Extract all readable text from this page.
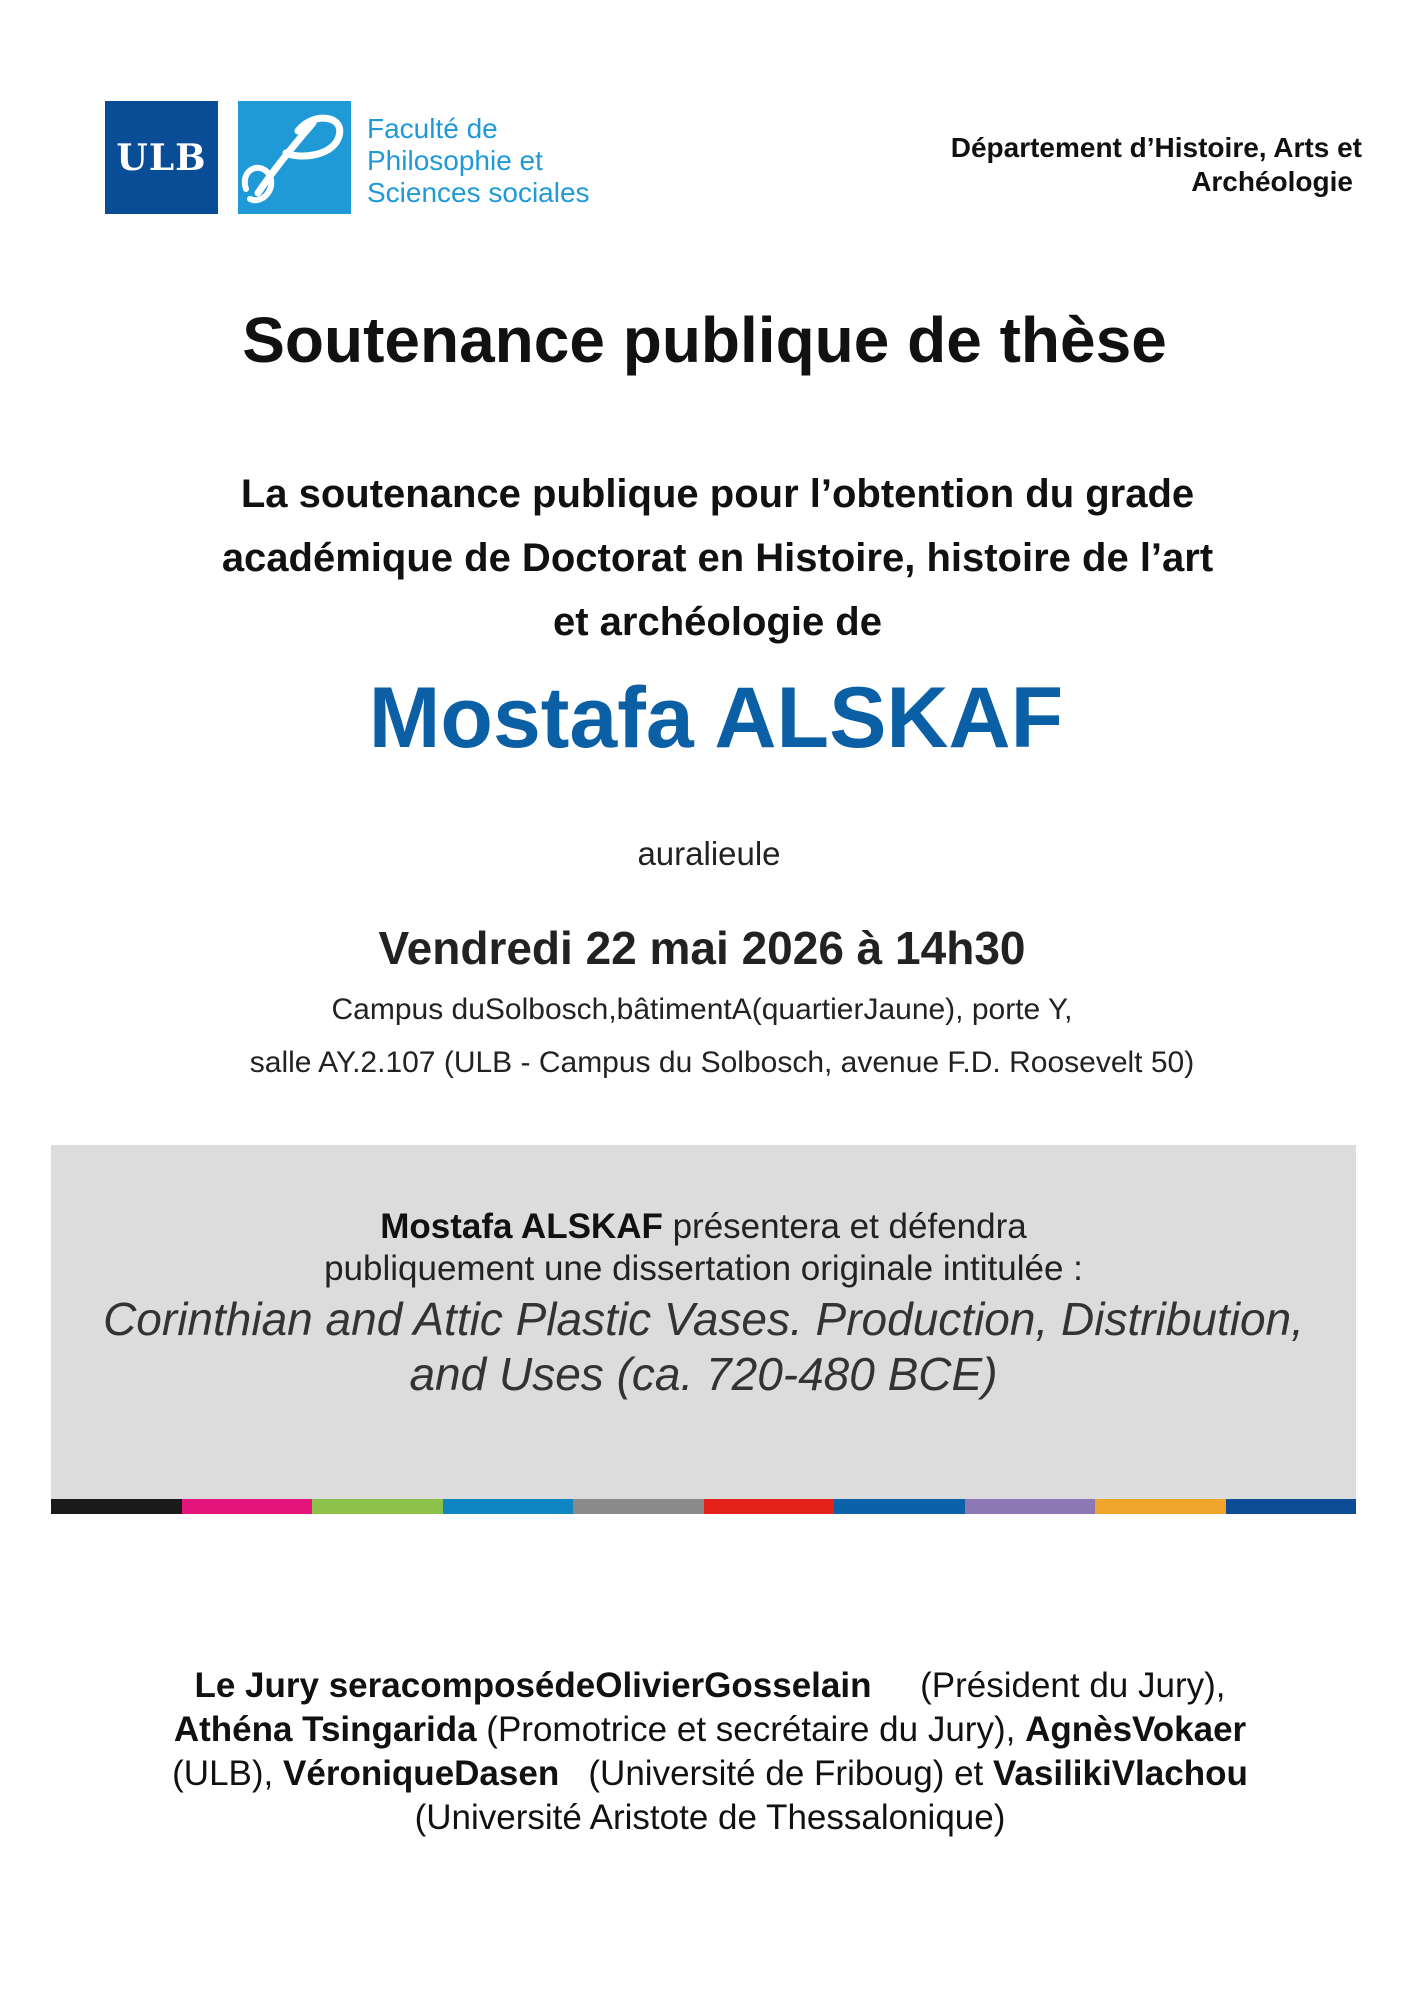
ULB
Faculté de
Philosophie et
Sciences sociales
Département d’Histoire, Arts et
Archéologie
Soutenance publique de thèse
La soutenance publique pour l’obtention du grade
académique de Doctorat en Histoire, histoire de l’art
et archéologie de
Mostafa ALSKAF
auralieule
Vendredi 22 mai 2026 à 14h30
Campus duSolbosch,bâtimentA(quartierJaune), porte Y,
salle AY.2.107 (ULB - Campus du Solbosch, avenue F.D. Roosevelt 50)
Mostafa ALSKAF présentera et défendra
publiquement une dissertation originale intitulée :
Corinthian and Attic Plastic Vases. Production, Distribution,
and Uses (ca. 720-480 BCE)
Le Jury seracomposédeOlivierGosselain     (Président du Jury),
Athéna Tsingarida (Promotrice et secrétaire du Jury), AgnèsVokaer
(ULB), VéroniqueDasen   (Université de Friboug) et VasilikiVlachou
(Université Aristote de Thessalonique)
